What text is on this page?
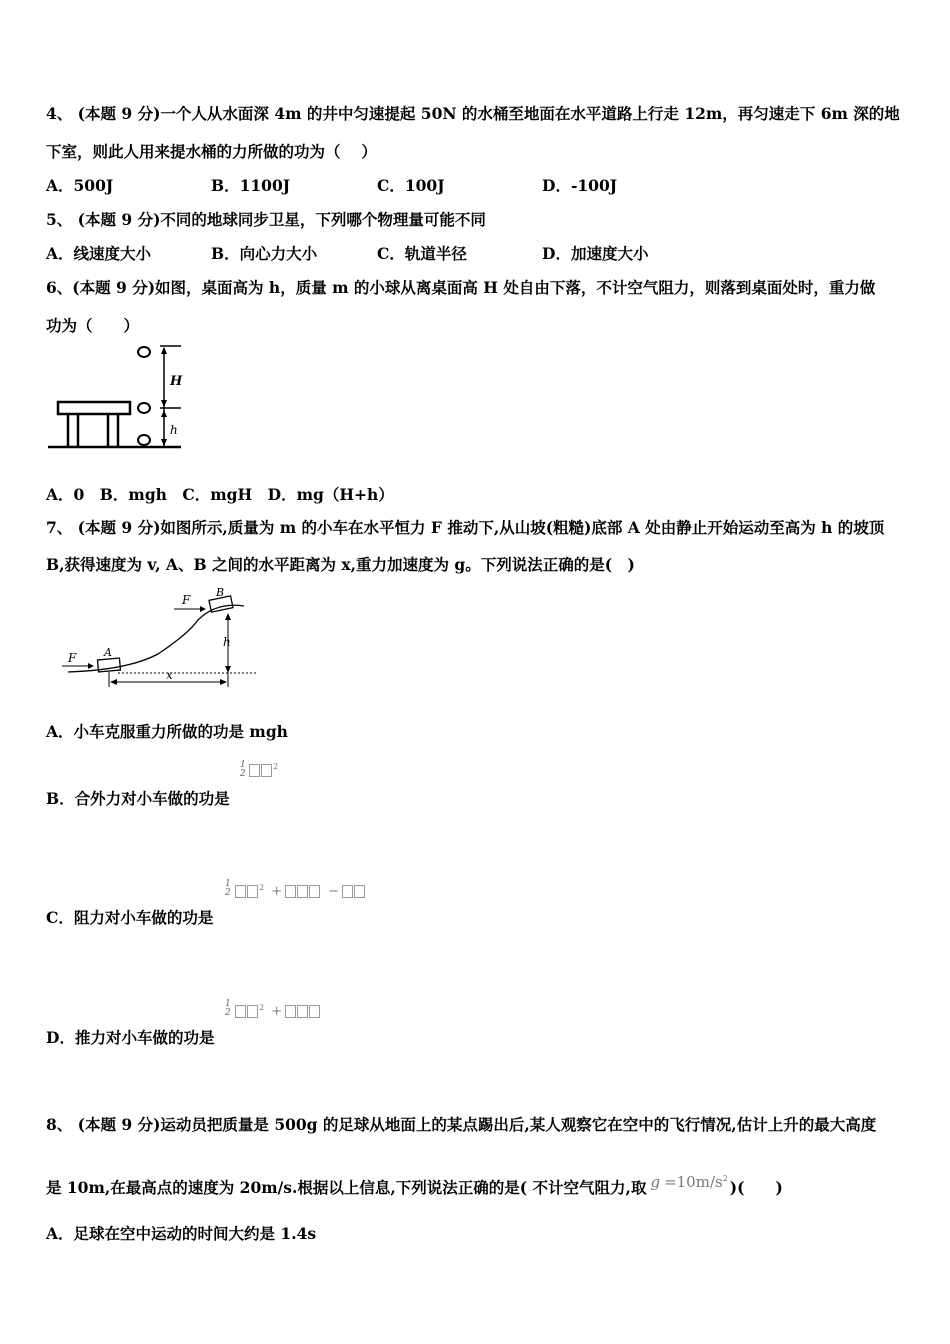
4、 (本题 9 分)一个人从水面深 4m 的井中匀速提起 50N 的水桶至地面在水平道路上行走 12m，再匀速走下 6m 深的地
下室，则此人用来提水桶的力所做的功为（　 ）
A．500J	B．1100J	C．100J	D．-100J
5、 (本题 9 分)不同的地球同步卫星，下列哪个物理量可能不同
A．线速度大小	B．向心力大小	C．轨道半径	D．加速度大小
6、(本题 9 分)如图，桌面高为 h，质量 m 的小球从离桌面高 H 处自由下落，不计空气阻力，则落到桌面处时，重力做
功为（　　）
H
h
A．0　B．mgh　C．mgH　D．mg（H+h）
7、 (本题 9 分)如图所示,质量为 m 的小车在水平恒力 F 推动下,从山坡(粗糙)底部 A 处由静止开始运动至高为 h 的坡顶
B,获得速度为 v, A、B 之间的水平距离为 x,重力加速度为 g。下列说法正确的是(　)
F	A
F
B
h
x
A．小车克服重力所做的功是 mgh
B．合外力对小车做的功是
1
2
$^2$
C．阻力对小车做的功是
1
2
$^2$ +	−
D．推力对小车做的功是
1
2
$^2$ +
8、 (本题 9 分)运动员把质量是 500g 的足球从地面上的某点踢出后,某人观察它在空中的飞行情况,估计上升的最大高度
是 10m,在最高点的速度为 20m/s.根据以上信息,下列说法正确的是( 不计空气阻力,取 $g =10m/s^2$ )(　　)
A．足球在空中运动的时间大约是 1.4s
